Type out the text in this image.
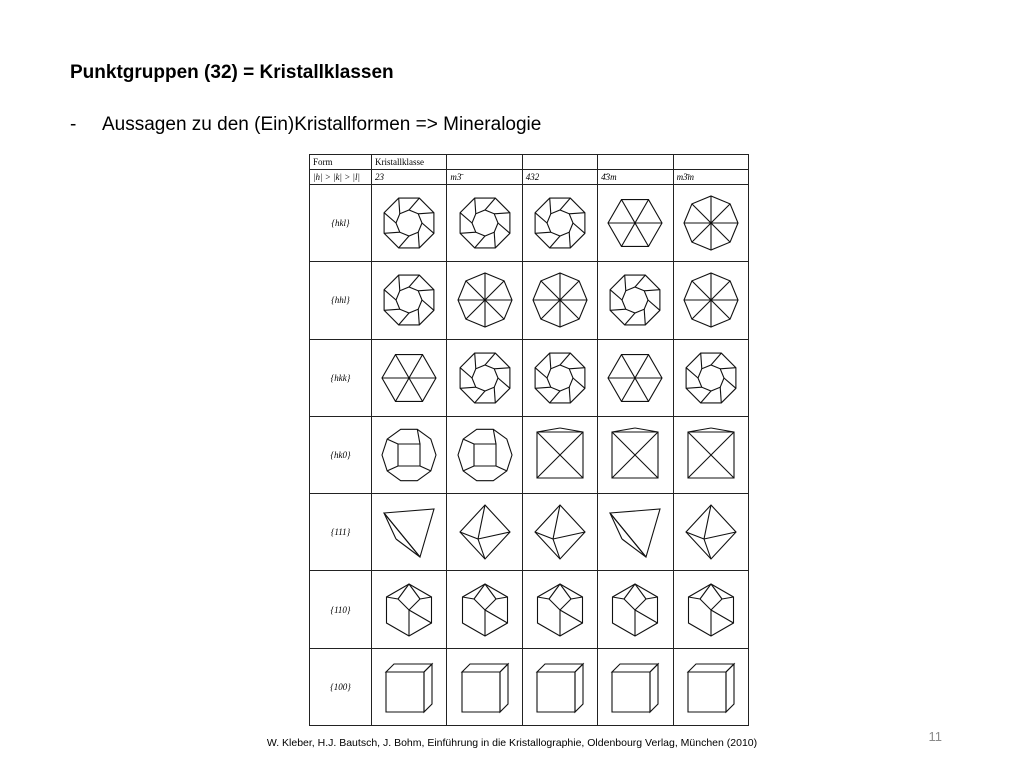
Punktgruppen (32) = Kristallklassen
- Aussagen zu den (Ein)Kristallformen => Mineralogie
Form	Kristallklasse				
|h| > |k| > |l|	23	m3̄	432	4̄3m	m3̄m
{hkl}	

{hhl}	

{hkk}	

{hk0}	

{111}	

{110}	

{100}	

W. Kleber, H.J. Bautsch, J. Bohm, Einführung in die Kristallographie, Oldenbourg Verlag, München (2010)	11
